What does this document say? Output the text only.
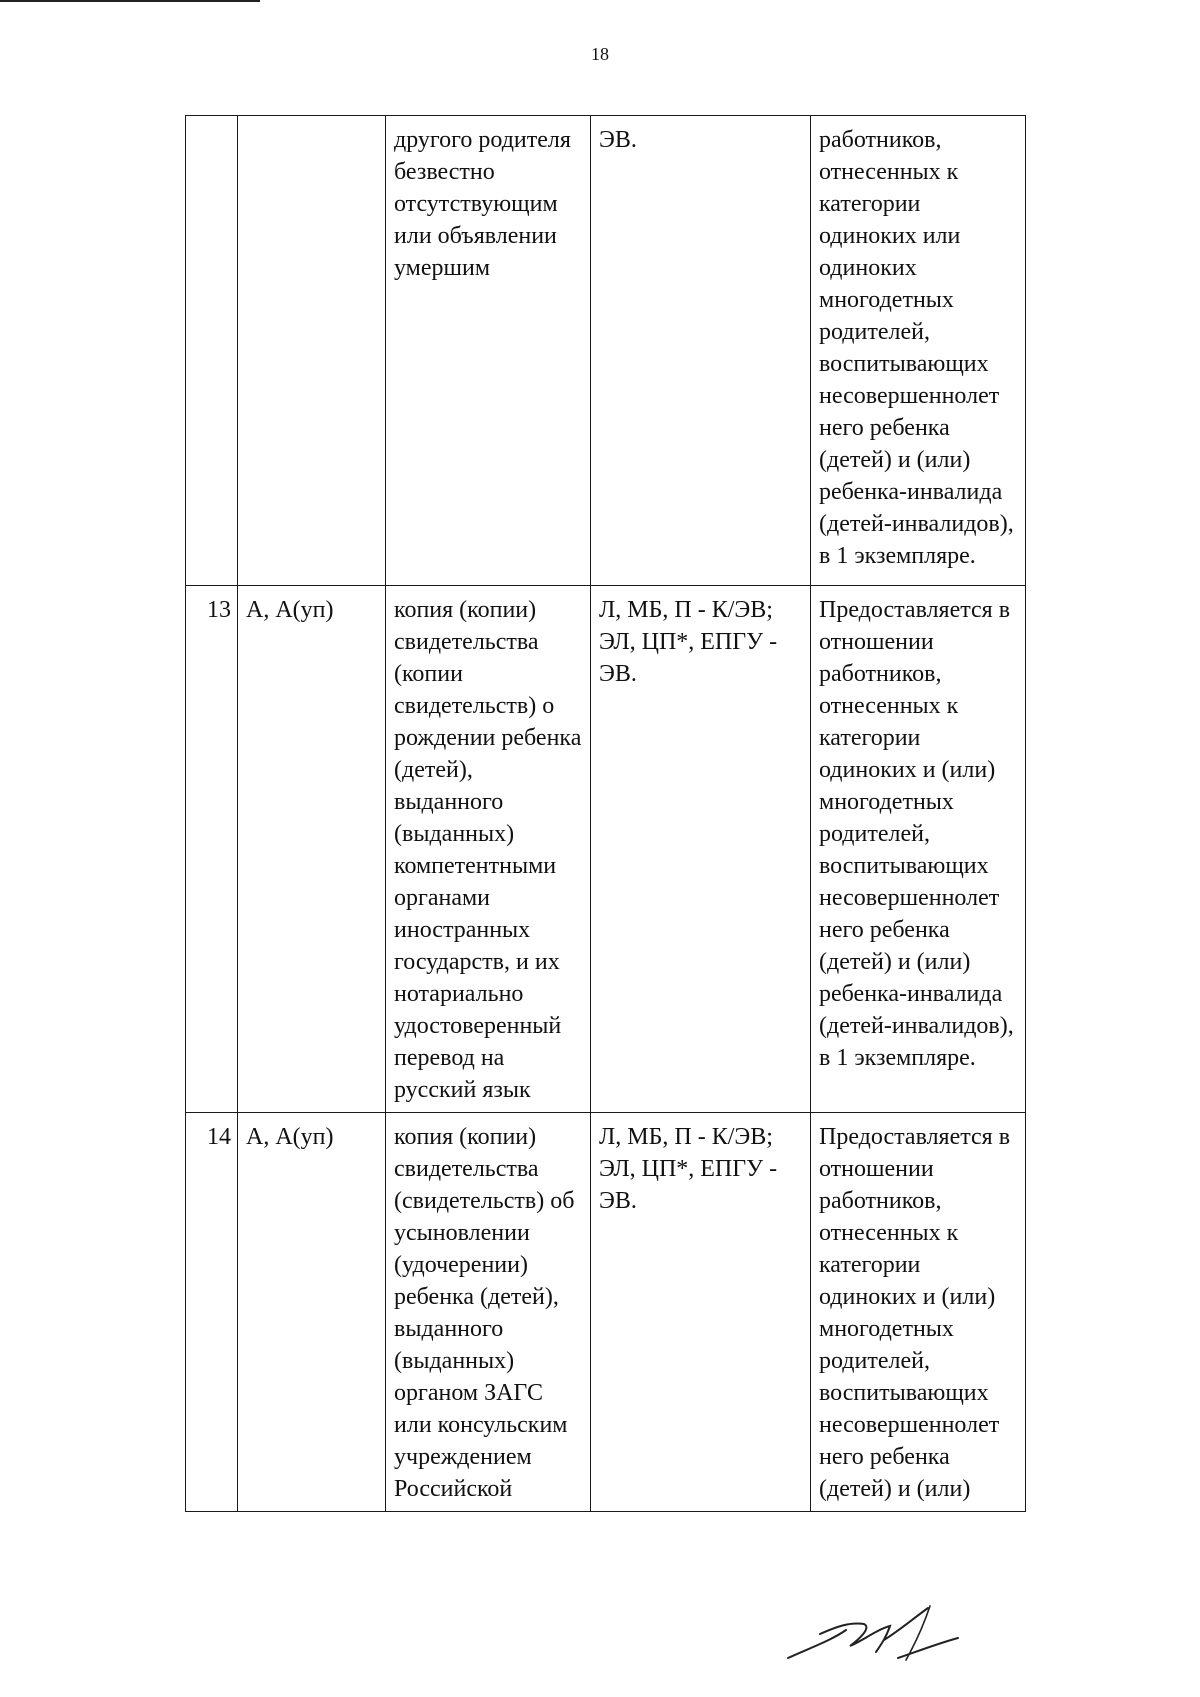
18
		другого родителя безвестно отсутствующим или объявлении умершим	ЭВ.	работников, отнесенных к категории одиноких или одиноких многодетных родителей, воспитывающих несовершеннолет него ребенка (детей) и (или) ребенка-инвалида (детей-инвалидов), в 1 экземпляре.
13	А, А(уп)	копия (копии) свидетельства (копии свидетельств) о рождении ребенка (детей), выданного (выданных) компетентными органами иностранных государств, и их нотариально удостоверенный перевод на русский язык	Л, МБ, П - К/ЭВ; ЭЛ, ЦП*, ЕПГУ - ЭВ.	Предоставляется в отношении работников, отнесенных к категории одиноких и (или) многодетных родителей, воспитывающих несовершеннолет него ребенка (детей) и (или) ребенка-инвалида (детей-инвалидов), в 1 экземпляре.
14	А, А(уп)	копия (копии) свидетельства (свидетельств) об усыновлении (удочерении) ребенка (детей), выданного (выданных) органом ЗАГС или консульским учреждением Российской	Л, МБ, П - К/ЭВ; ЭЛ, ЦП*, ЕПГУ - ЭВ.	Предоставляется в отношении работников, отнесенных к категории одиноких и (или) многодетных родителей, воспитывающих несовершеннолет него ребенка (детей) и (или)
